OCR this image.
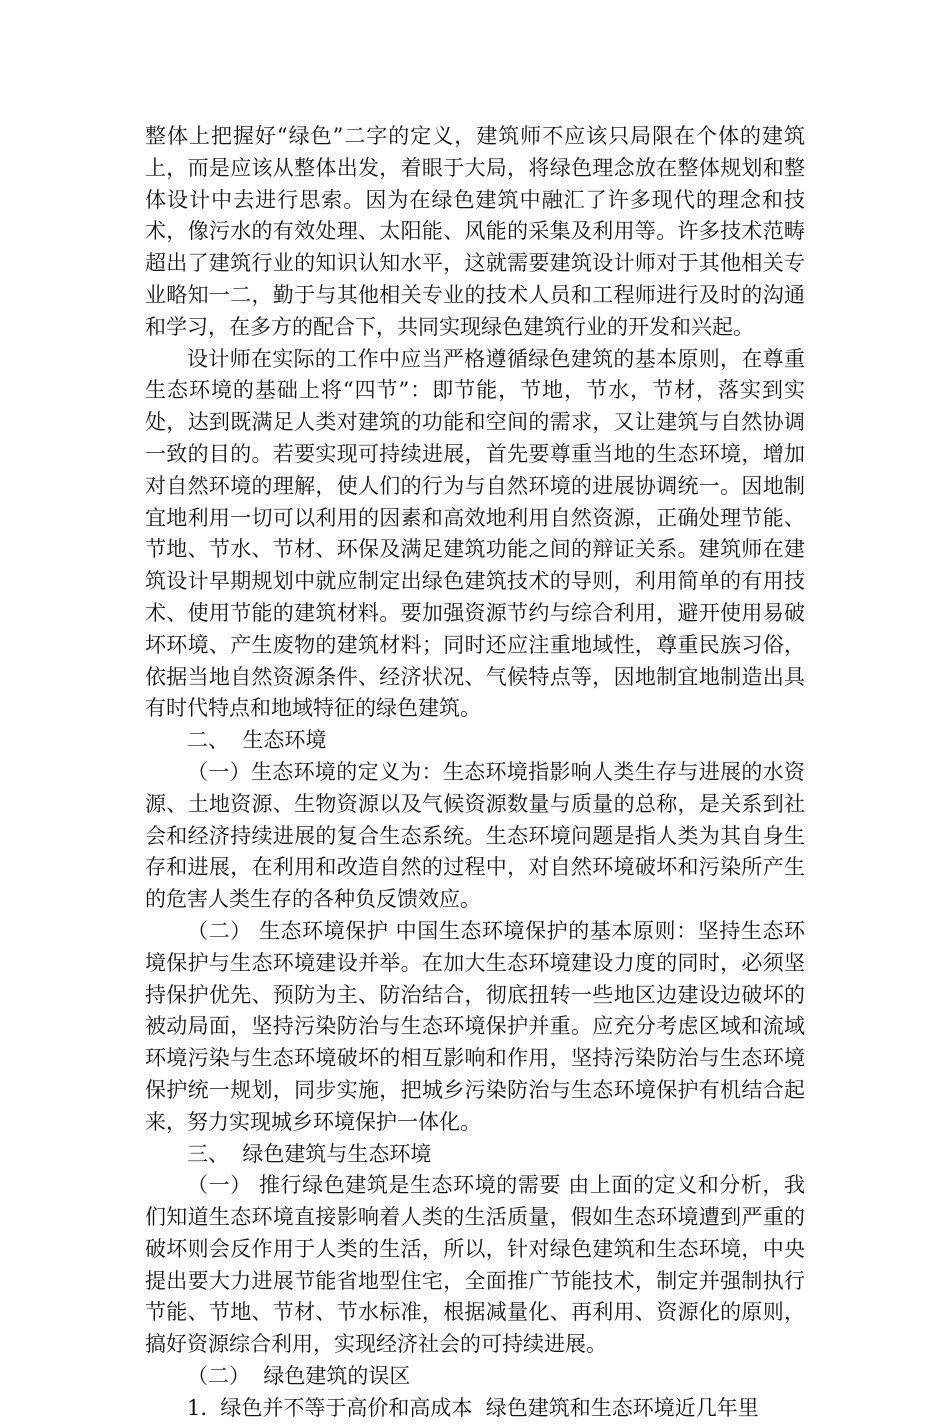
整体上把握好“绿色”二字的定义，建筑师不应该只局限在个体的建筑上，而是应该从整体出发，着眼于大局，将绿色理念放在整体规划和整体设计中去进行思索。因为在绿色建筑中融汇了许多现代的理念和技术，像污水的有效处理、太阳能、风能的采集及利用等。许多技术范畴超出了建筑行业的知识认知水平，这就需要建筑设计师对于其他相关专业略知一二，勤于与其他相关专业的技术人员和工程师进行及时的沟通和学习，在多方的配合下，共同实现绿色建筑行业的开发和兴起。

设计师在实际的工作中应当严格遵循绿色建筑的基本原则，在尊重生态环境的基础上将“四节”：即节能，节地，节水，节材，落实到实处，达到既满足人类对建筑的功能和空间的需求，又让建筑与自然协调一致的目的。若要实现可持续进展，首先要尊重当地的生态环境，增加对自然环境的理解，使人们的行为与自然环境的进展协调统一。因地制宜地利用一切可以利用的因素和高效地利用自然资源，正确处理节能、节地、节水、节材、环保及满足建筑功能之间的辩证关系。建筑师在建筑设计早期规划中就应制定出绿色建筑技术的导则，利用简单的有用技术、使用节能的建筑材料。要加强资源节约与综合利用，避开使用易破坏环境、产生废物的建筑材料；同时还应注重地域性，尊重民族习俗，依据当地自然资源条件、经济状况、气候特点等，因地制宜地制造出具有时代特点和地域特征的绿色建筑。

二、  生态环境

（一）生态环境的定义为：生态环境指影响人类生存与进展的水资源、土地资源、生物资源以及气候资源数量与质量的总称，是关系到社会和经济持续进展的复合生态系统。生态环境问题是指人类为其自身生存和进展，在利用和改造自然的过程中，对自然环境破坏和污染所产生的危害人类生存的各种负反馈效应。

（二） 生态环境保护 中国生态环境保护的基本原则：坚持生态环境保护与生态环境建设并举。在加大生态环境建设力度的同时，必须坚持保护优先、预防为主、防治结合，彻底扭转一些地区边建设边破坏的被动局面，坚持污染防治与生态环境保护并重。应充分考虑区域和流域环境污染与生态环境破坏的相互影响和作用，坚持污染防治与生态环境保护统一规划，同步实施，把城乡污染防治与生态环境保护有机结合起来，努力实现城乡环境保护一体化。

三、  绿色建筑与生态环境

（一） 推行绿色建筑是生态环境的需要 由上面的定义和分析，我们知道生态环境直接影响着人类的生活质量，假如生态环境遭到严重的破坏则会反作用于人类的生活，所以，针对绿色建筑和生态环境，中央提出要大力进展节能省地型住宅，全面推广节能技术，制定并强制执行节能、节地、节材、节水标准，根据减量化、再利用、资源化的原则，搞好资源综合利用，实现经济社会的可持续进展。

（二）  绿色建筑的误区

1.  绿色并不等于高价和高成本  绿色建筑和生态环境近几年里
